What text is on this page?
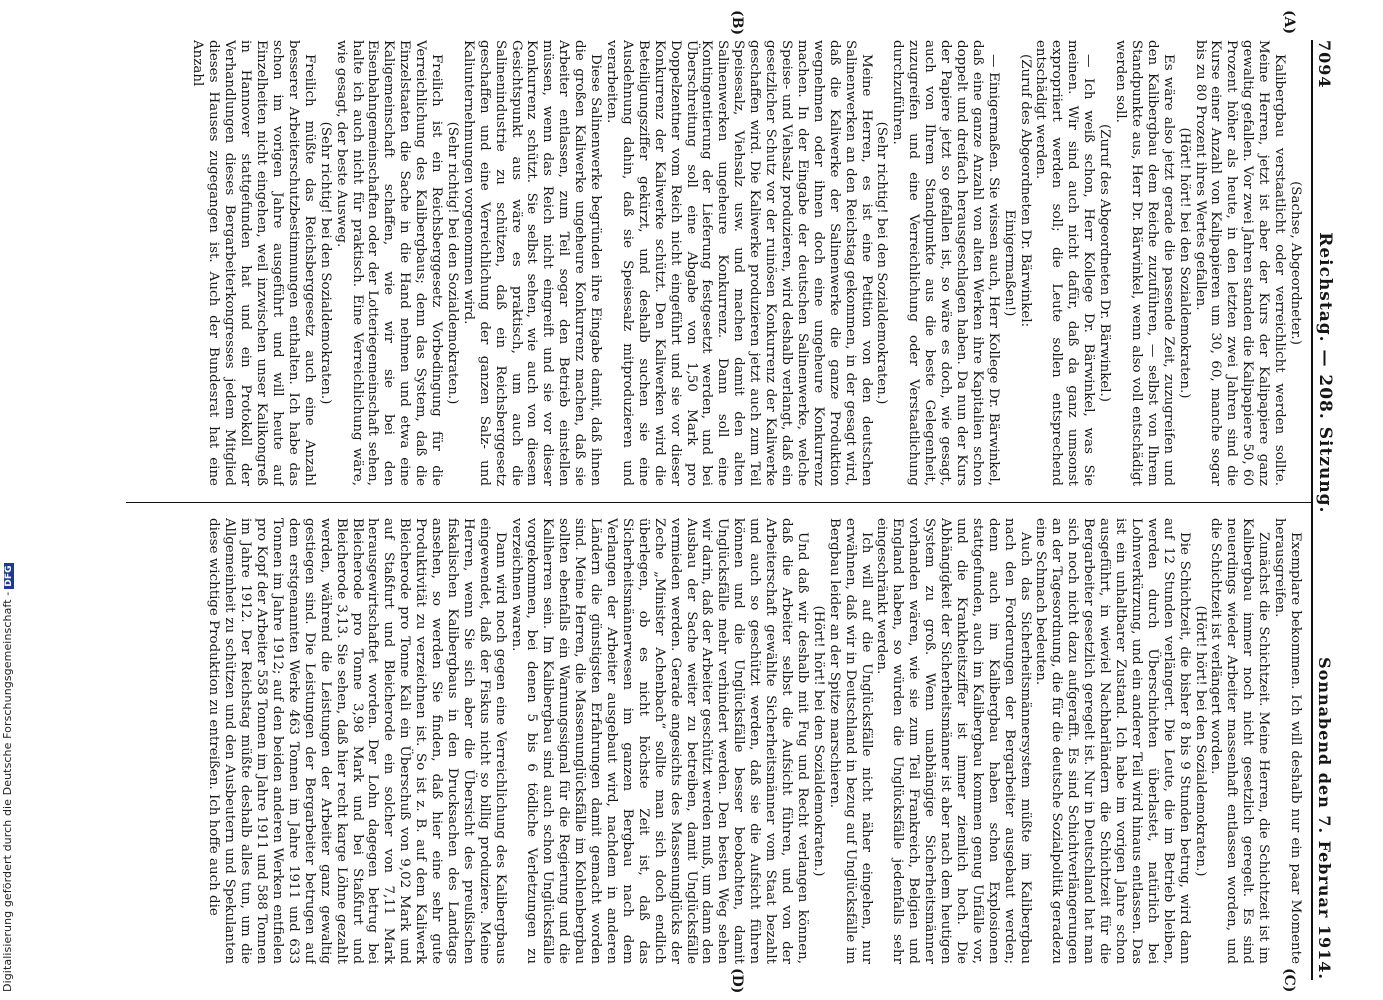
Digitalisierung gefördert durch die Deutsche Forschungsgemeinschaft -DFG
7094
Reichstag. — 208. Sitzung.
Sonnabend den 7. Februar 1914.
(A)
(B)
(C)
(D)

(Sachse, Abgeordneter.)

Kalibergbau verstaatlicht oder verreichlicht werden sollte. Meine Herren, jetzt ist aber der Kurs der Kalipapiere ganz gewaltig gefallen. Vor zwei Jahren standen die Kalipapiere 50, 60 Prozent höher als heute, in den letzten zwei Jahren sind die Kurse einer Anzahl von Kalipapieren um 30, 60, manche sogar bis zu 80 Prozent ihres Wertes gefallen.

(Hört! hört! bei den Sozialdemokraten.)

Es wäre also jetzt gerade die passende Zeit, zuzugreifen und den Kalibergbau dem Reiche zuzuführen, — selbst von Ihrem Standpunkte aus, Herr Dr. Bärwinkel, wenn also voll entschädigt werden soll.

(Zuruf des Abgeordneten Dr. Bärwinkel.)

— Ich weiß schon, Herr Kollege Dr. Bärwinkel, was Sie meinen. Wir sind auch nicht dafür, daß da ganz umsonst expropriiert werden soll; die Leute sollen entsprechend entschädigt werden.

(Zuruf des Abgeordneten Dr. Bärwinkel:

Einigermaßen!)

— Einigermaßen. Sie wissen auch, Herr Kollege Dr. Bärwinkel, daß eine ganze Anzahl von alten Werken ihre Kapitalien schon doppelt und dreifach herausgeschlagen haben. Da nun der Kurs der Papiere jetzt so gefallen ist, so wäre es doch, wie gesagt, auch von Ihrem Standpunkte aus die beste Gelegenheit, zuzugreifen und eine Verreichlichung oder Verstaatlichung durchzuführen.

(Sehr richtig! bei den Sozialdemokraten.)

Meine Herren, es ist eine Petition von den deutschen Salinenwerken an den Reichstag gekommen, in der gesagt wird, daß die Kaliwerke der Salinenwerke die ganze Produktion wegnehmen oder ihnen doch eine ungeheure Konkurrenz machen. In der Eingabe der deutschen Salinenwerke, welche Speise- und Viehsalz produzieren, wird deshalb verlangt, daß ein gesetzlicher Schutz vor der ruinösen Konkurrenz der Kaliwerke geschaffen wird. Die Kaliwerke produzieren jetzt auch zum Teil Speisesalz, Viehsalz usw. und machen damit den alten Salinenwerken ungeheure Konkurrenz. Dann soll eine Kontingentierung der Lieferung festgesetzt werden, und bei Überschreitung soll eine Abgabe von 1,50 Mark pro Doppelzentner vom Reich nicht eingeführt und sie vor dieser Konkurrenz der Kaliwerke schützt. Den Kaliwerken wird die Beteiligungsziffer gekürzt, und deshalb suchen sie eine Ausdehnung dahin, daß sie Speisesalz mitproduzieren und verarbeiten.

Diese Salinenwerke begründen ihre Eingabe damit, daß ihnen die großen Kaliwerke ungeheure Konkurrenz machen, daß sie Arbeiter entlassen, zum Teil sogar den Betrieb einstellen müssen, wenn das Reich nicht eingreift und sie vor dieser Konkurrenz schützt. Sie selbst sehen, wie auch von diesem Gesichtspunkt aus wäre es praktisch, um auch die Salinenindustrie zu schützen, daß ein Reichsberggesetz geschaffen und eine Verreichlichung der ganzen Salz- und Kaliunternehmungen vorgenommen wird.

(Sehr richtig! bei den Sozialdemokraten.)

Freilich ist ein Reichsberggesetz Vorbedingung für die Verreichlichung des Kalibergbaus; denn das System, daß die Einzelstaaten die Sache in die Hand nehmen und etwa eine Kaligemeinschaft schaffen, wie wir sie bei den Eisenbahngemeinschaften oder der Lotteriegemeinschaft sehen, halte ich auch nicht für praktisch. Eine Verreichlichung wäre, wie gesagt, der beste Ausweg.

(Sehr richtig! bei den Sozialdemokraten.)

Freilich müßte das Reichsberggesetz auch eine Anzahl besserer Arbeiterschutzbestimmungen enthalten. Ich habe das schon im vorigen Jahre ausgeführt und will heute auf Einzelheiten nicht eingehen, weil inzwischen unser Kalikongreß in Hannover stattgefunden hat und ein Protokoll der Verhandlungen dieses Bergarbeiterkongresses jedem Mitglied dieses Hauses zugegangen ist. Auch der Bundesrat hat eine Anzahl

Exemplare bekommen. Ich will deshalb nur ein paar Momente herausgreifen.

Zunächst die Schichtzeit. Meine Herren, die Schichtzeit ist im Kalibergbau immer noch nicht gesetzlich geregelt. Es sind neuerdings wieder Arbeiter massenhaft entlassen worden, und die Schichtzeit ist verlängert worden.

(Hört! hört! bei den Sozialdemokraten.)

Die Schichtzeit, die bisher 8 bis 9 Stunden betrug, wird dann auf 12 Stunden verlängert. Die Leute, die im Betrieb bleiben, werden durch Überschichten überlastet, natürlich bei Lohnverkürzung, und ein anderer Teil wird hinaus entlassen. Das ist ein unhaltbarer Zustand. Ich habe im vorigen Jahre schon ausgeführt, in wieviel Nachbarländern die Schichtzeit für die Bergarbeiter gesetzlich geregelt ist. Nur in Deutschland hat man sich noch nicht dazu aufgerafft. Es sind Schichtverlängerungen an der Tagesordnung, die für die deutsche Sozialpolitik geradezu eine Schmach bedeuten.

Auch das Sicherheitsmännersystem müßte im Kalibergbau nach den Forderungen der Bergarbeiter ausgebaut werden; denn auch im Kalibergbau haben schon Explosionen stattgefunden, auch im Kalibergbau kommen genug Unfälle vor, und die Krankheitsziffer ist immer ziemlich hoch. Die Abhängigkeit der Sicherheitsmänner ist aber nach dem heutigen System zu groß. Wenn unabhängige Sicherheitsmänner vorhanden wären, wie sie zum Teil Frankreich, Belgien und England haben, so würden die Unglücksfälle jedenfalls sehr eingeschränkt werden.

Ich will auf die Unglücksfälle nicht näher eingehen, nur erwähnen, daß wir in Deutschland in bezug auf Unglücksfälle im Bergbau leider an der Spitze marschieren.

(Hört! hört! bei den Sozialdemokraten.)

Und daß wir deshalb mit Fug und Recht verlangen können, daß die Arbeiter selbst die Aufsicht führen, und von der Arbeiterschaft gewählte Sicherheitsmänner vom Staat bezahlt und auch so geschützt werden, daß sie die Aufsicht führen können und die Unglücksfälle besser beobachten, damit Unglücksfälle mehr verhindert werden. Den besten Weg sehen wir darin, daß der Arbeiter geschützt werden muß, um dann den Ausbau der Sache weiter zu betreiben, damit Unglücksfälle vermieden werden. Gerade angesichts des Massenunglücks der Zeche „Minister Achenbach“ sollte man sich doch endlich überlegen, ob es nicht höchste Zeit ist, daß das Sicherheitsmännerwesen im ganzen Bergbau nach dem Verlangen der Arbeiter ausgebaut wird, nachdem in anderen Ländern die günstigsten Erfahrungen damit gemacht worden sind. Meine Herren, die Massenunglücksfälle im Kohlenbergbau sollten ebenfalls ein Warnungssignal für die Regierung und die Kaliherren sein. Im Kalibergbau sind auch schon Unglücksfälle vorgekommen, bei denen 5 bis 6 tödliche Verletzungen zu verzeichnen waren.

Dann wird noch gegen eine Verreichlichung des Kalibergbaus eingewendet, daß der Fiskus nicht so billig produziere. Meine Herren, wenn Sie sich aber die Übersicht des preußischen fiskalischen Kalibergbaus in den Drucksachen des Landtags ansehen, so werden Sie finden, daß hier eine sehr gute Produktivität zu verzeichnen ist. So ist z. B. auf dem Kaliwerk Bleicherode pro Tonne Kali ein Überschuß von 9,02 Mark und auf Staßfurt und Bleicherode ein solcher von 7,11 Mark herausgewirtschaftet worden. Der Lohn dagegen betrug bei Bleicherode pro Tonne 3,98 Mark und bei Staßfurt und Bleicherode 3,13. Sie sehen, daß hier recht karge Löhne gezahlt werden, während die Leistungen der Arbeiter ganz gewaltig gestiegen sind. Die Leistungen der Bergarbeiter betrugen auf dem erstgenannten Werke 463 Tonnen im Jahre 1911 und 633 Tonnen im Jahre 1912; auf den beiden anderen Werken entfielen pro Kopf der Arbeiter 558 Tonnen im Jahre 1911 und 588 Tonnen im Jahre 1912. Der Reichstag müßte deshalb alles tun, um die Allgemeinheit zu schützen und den Ausbeutern und Spekulanten diese wichtige Produktion zu entreißen. Ich hoffe auch die
